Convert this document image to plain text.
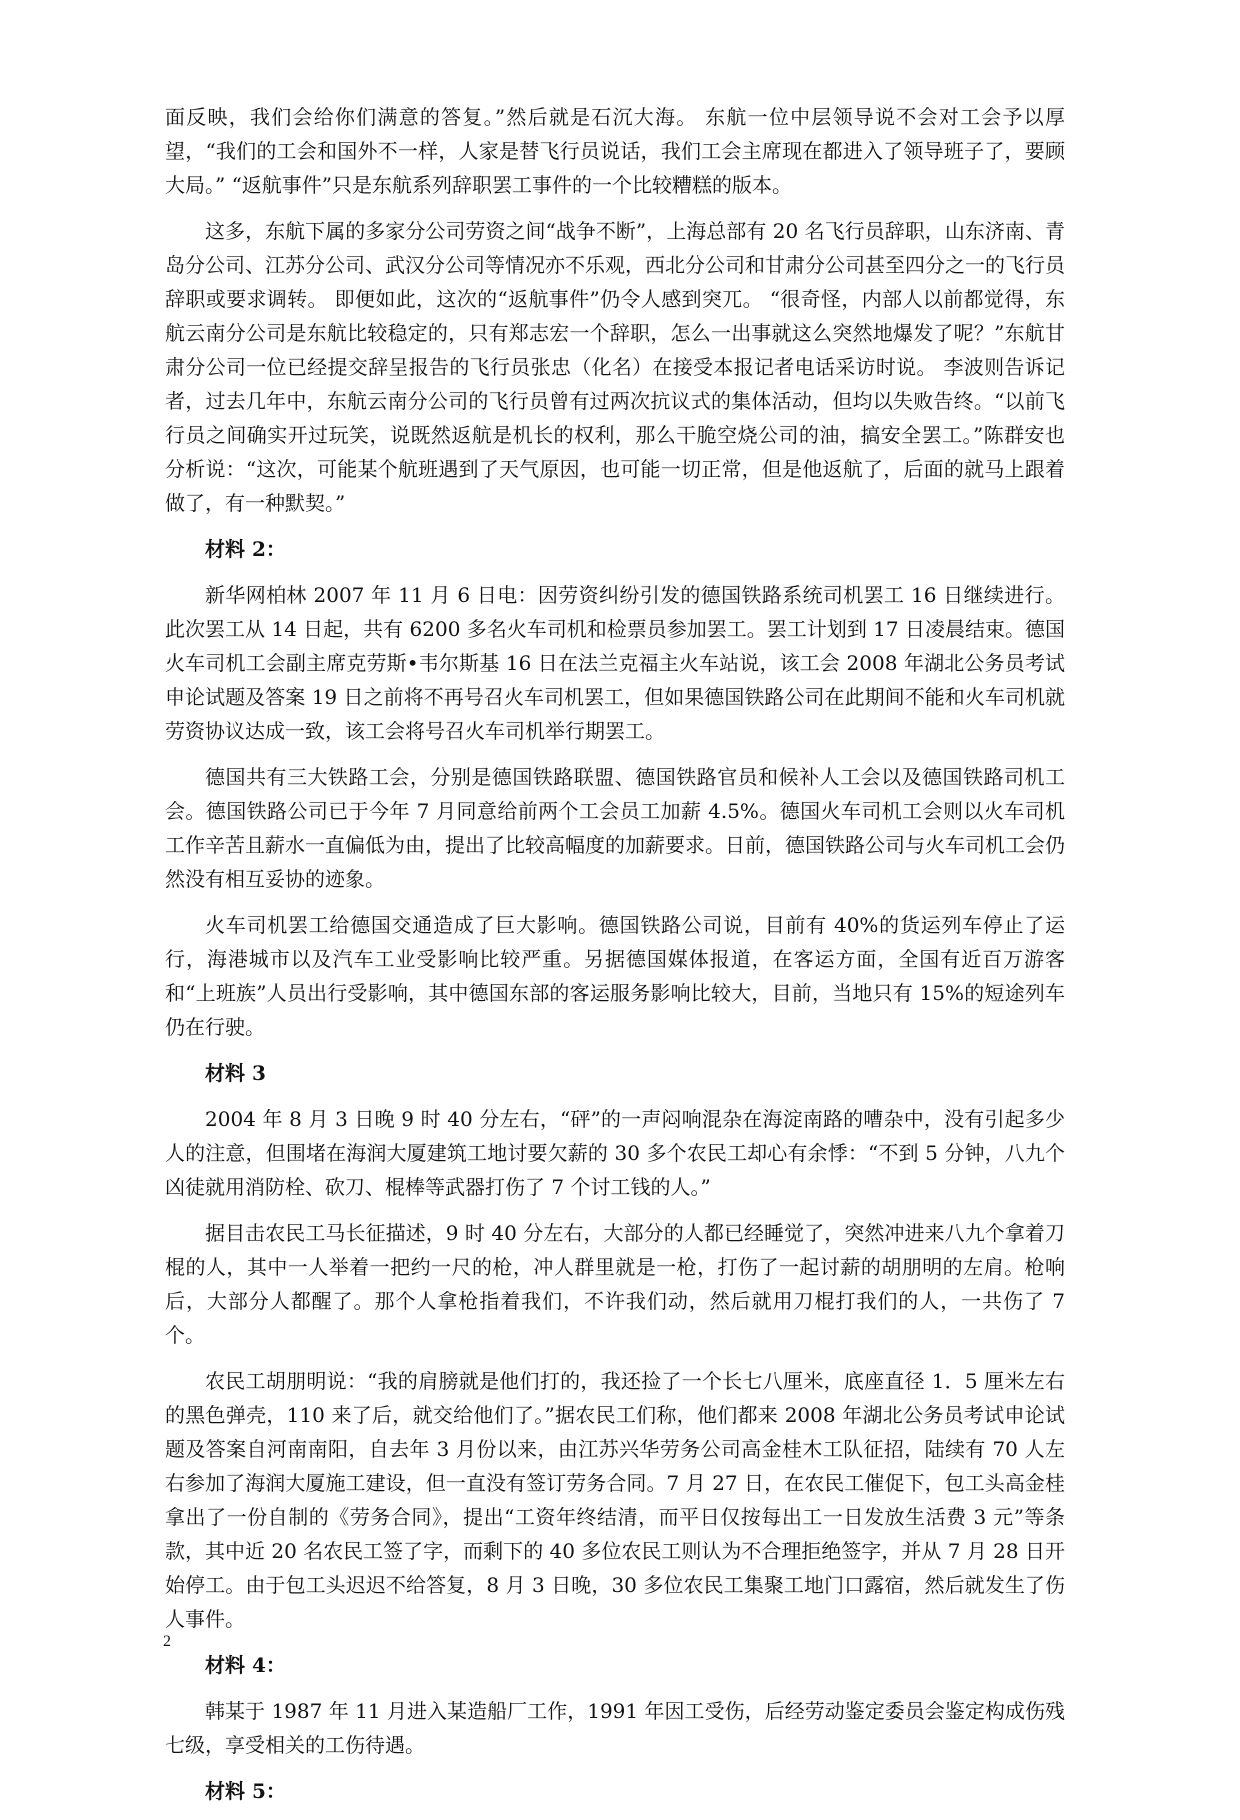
面反映，我们会给你们满意的答复。”然后就是石沉大海。 东航一位中层领导说不会对工会予以厚望，“我们的工会和国外不一样，人家是替飞行员说话，我们工会主席现在都进入了领导班子了，要顾大局。” “返航事件”只是东航系列辞职罢工事件的一个比较糟糕的版本。

这多，东航下属的多家分公司劳资之间“战争不断”，上海总部有 20 名飞行员辞职，山东济南、青岛分公司、江苏分公司、武汉分公司等情况亦不乐观，西北分公司和甘肃分公司甚至四分之一的飞行员辞职或要求调转。 即便如此，这次的“返航事件”仍令人感到突兀。 “很奇怪，内部人以前都觉得，东航云南分公司是东航比较稳定的，只有郑志宏一个辞职，怎么一出事就这么突然地爆发了呢？”东航甘肃分公司一位已经提交辞呈报告的飞行员张忠（化名）在接受本报记者电话采访时说。 李波则告诉记者，过去几年中，东航云南分公司的飞行员曾有过两次抗议式的集体活动，但均以失败告终。“以前飞行员之间确实开过玩笑，说既然返航是机长的权利，那么干脆空烧公司的油，搞安全罢工。”陈群安也分析说：“这次，可能某个航班遇到了天气原因，也可能一切正常，但是他返航了，后面的就马上跟着做了，有一种默契。”

材料 2：

新华网柏林 2007 年 11 月 6 日电：因劳资纠纷引发的德国铁路系统司机罢工 16 日继续进行。此次罢工从 14 日起，共有 6200 多名火车司机和检票员参加罢工。罢工计划到 17 日凌晨结束。德国火车司机工会副主席克劳斯•韦尔斯基 16 日在法兰克福主火车站说，该工会 2008 年湖北公务员考试申论试题及答案 19 日之前将不再号召火车司机罢工，但如果德国铁路公司在此期间不能和火车司机就劳资协议达成一致，该工会将号召火车司机举行期罢工。

德国共有三大铁路工会，分别是德国铁路联盟、德国铁路官员和候补人工会以及德国铁路司机工会。德国铁路公司已于今年 7 月同意给前两个工会员工加薪 4.5%。德国火车司机工会则以火车司机工作辛苦且薪水一直偏低为由，提出了比较高幅度的加薪要求。日前，德国铁路公司与火车司机工会仍然没有相互妥协的迹象。

火车司机罢工给德国交通造成了巨大影响。德国铁路公司说，目前有 40%的货运列车停止了运行，海港城市以及汽车工业受影响比较严重。另据德国媒体报道，在客运方面，全国有近百万游客和“上班族”人员出行受影响，其中德国东部的客运服务影响比较大，目前，当地只有 15%的短途列车仍在行驶。

材料 3

2004 年 8 月 3 日晚 9 时 40 分左右，“砰”的一声闷响混杂在海淀南路的嘈杂中，没有引起多少人的注意，但围堵在海润大厦建筑工地讨要欠薪的 30 多个农民工却心有余悸：“不到 5 分钟，八九个凶徒就用消防栓、砍刀、棍棒等武器打伤了 7 个讨工钱的人。”

据目击农民工马长征描述，9 时 40 分左右，大部分的人都已经睡觉了，突然冲进来八九个拿着刀棍的人，其中一人举着一把约一尺的枪，冲人群里就是一枪，打伤了一起讨薪的胡朋明的左肩。枪响后，大部分人都醒了。那个人拿枪指着我们，不许我们动，然后就用刀棍打我们的人，一共伤了 7 个。

农民工胡朋明说：“我的肩膀就是他们打的，我还捡了一个长七八厘米，底座直径 1．5 厘米左右的黑色弹壳，110 来了后，就交给他们了。”据农民工们称，他们都来 2008 年湖北公务员考试申论试题及答案自河南南阳，自去年 3 月份以来，由江苏兴华劳务公司高金桂木工队征招，陆续有 70 人左右参加了海润大厦施工建设，但一直没有签订劳务合同。7 月 27 日，在农民工催促下，包工头高金桂拿出了一份自制的《劳务合同》，提出“工资年终结清，而平日仅按每出工一日发放生活费 3 元”等条款，其中近 20 名农民工签了字，而剩下的 40 多位农民工则认为不合理拒绝签字，并从 7 月 28 日开始停工。由于包工头迟迟不给答复，8 月 3 日晚，30 多位农民工集聚工地门口露宿，然后就发生了伤人事件。

材料 4：

韩某于 1987 年 11 月进入某造船厂工作，1991 年因工受伤，后经劳动鉴定委员会鉴定构成伤残七级，享受相关的工伤待遇。

材料 5：

2
